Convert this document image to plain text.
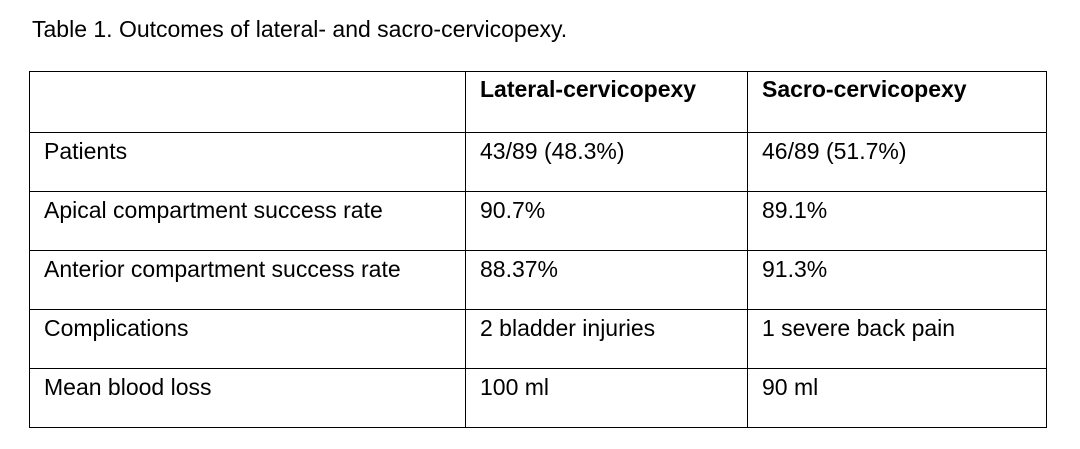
Table 1. Outcomes of lateral- and sacro-cervicopexy.
	Lateral-cervicopexy	Sacro-cervicopexy
Patients	43/89 (48.3%)	46/89 (51.7%)
Apical compartment success rate	90.7%	89.1%
Anterior compartment success rate	88.37%	91.3%
Complications	2 bladder injuries	1 severe back pain
Mean blood loss	100 ml	90 ml
